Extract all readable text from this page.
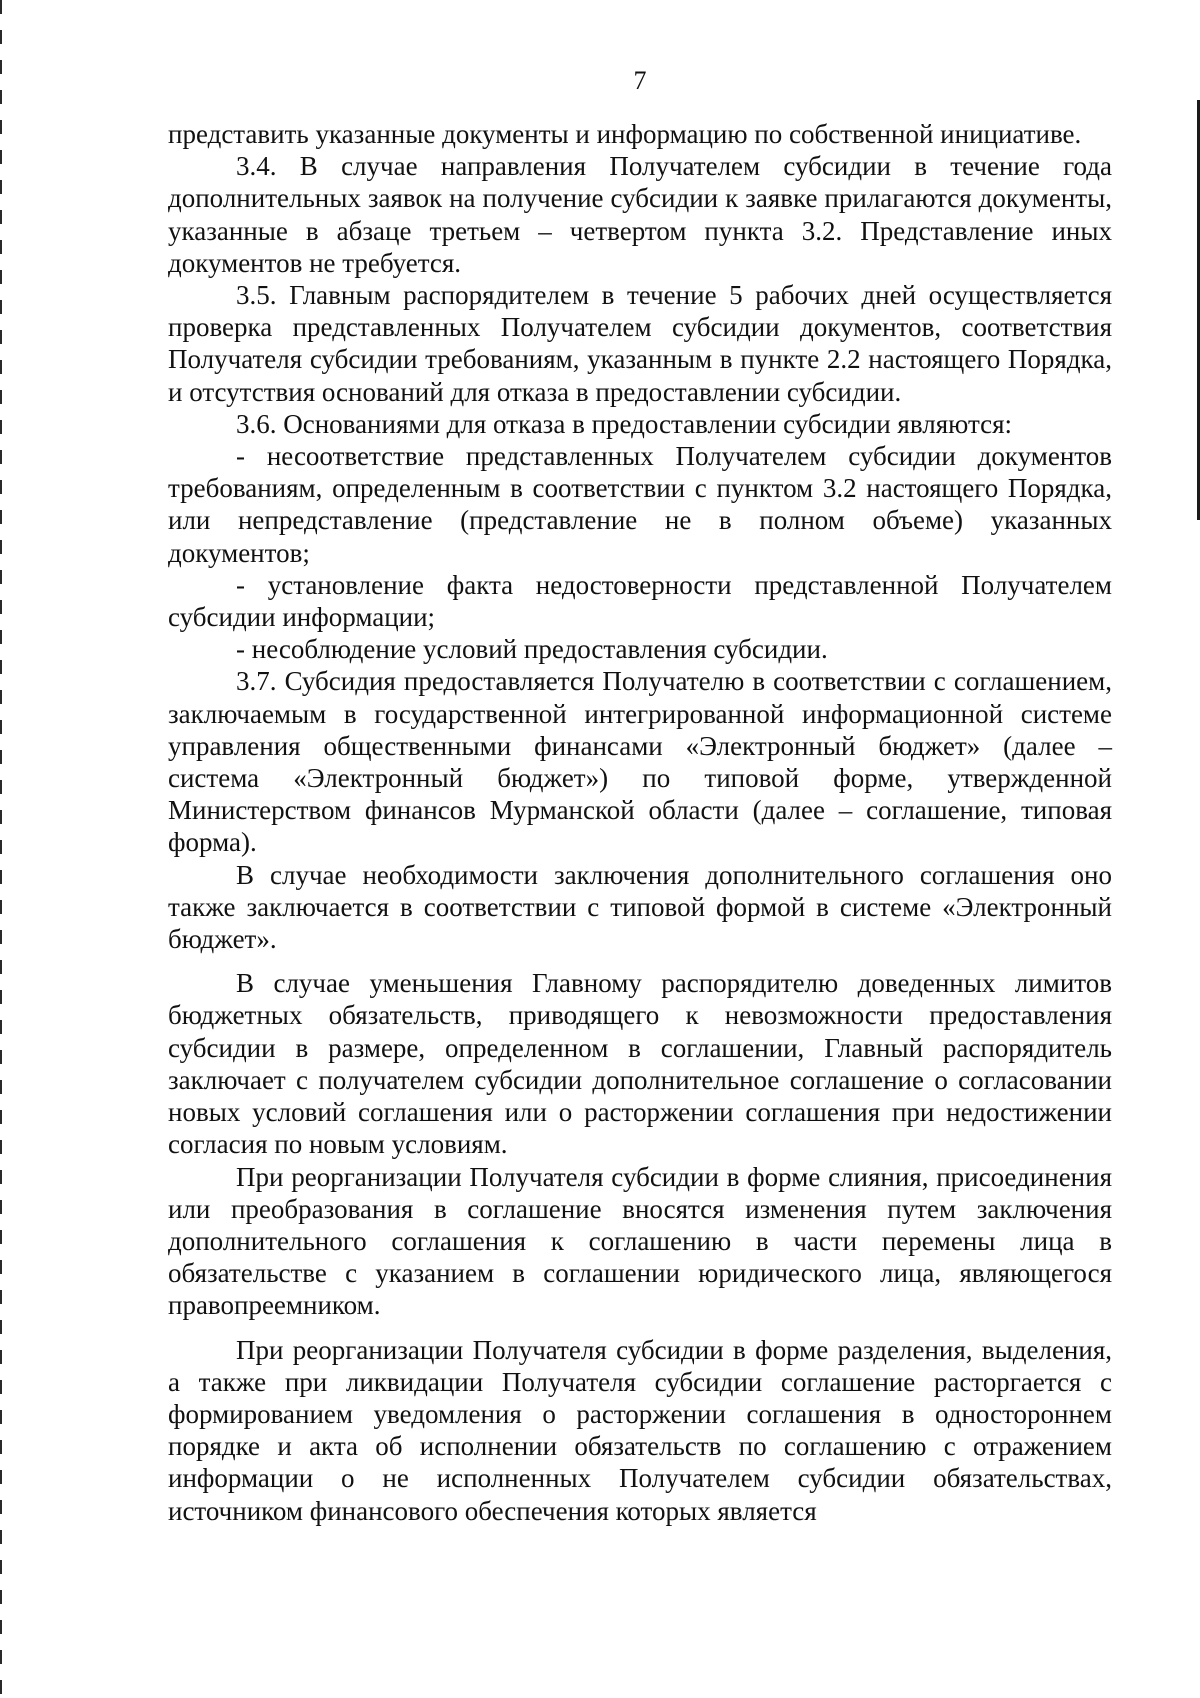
7

представить указанные документы и информацию по собственной инициативе.

3.4. В случае направления Получателем субсидии в течение года дополнительных заявок на получение субсидии к заявке прилагаются документы, указанные в абзаце третьем – четвертом пункта 3.2. Представление иных документов не требуется.

3.5. Главным распорядителем в течение 5 рабочих дней осуществляется проверка представленных Получателем субсидии документов, соответствия Получателя субсидии требованиям, указанным в пункте 2.2 настоящего Порядка, и отсутствия оснований для отказа в предоставлении субсидии.

3.6. Основаниями для отказа в предоставлении субсидии являются:

- несоответствие представленных Получателем субсидии документов требованиям, определенным в соответствии с пунктом 3.2 настоящего Порядка, или непредставление (представление не в полном объеме) указанных документов;

- установление факта недостоверности представленной Получателем субсидии информации;

- несоблюдение условий предоставления субсидии.

3.7. Субсидия предоставляется Получателю в соответствии с соглашением, заключаемым в государственной интегрированной информационной системе управления общественными финансами «Электронный бюджет» (далее – система «Электронный бюджет») по типовой форме, утвержденной Министерством финансов Мурманской области (далее – соглашение, типовая форма).

В случае необходимости заключения дополнительного соглашения оно также заключается в соответствии с типовой формой в системе «Электронный бюджет».

В случае уменьшения Главному распорядителю доведенных лимитов бюджетных обязательств, приводящего к невозможности предоставления субсидии в размере, определенном в соглашении, Главный распорядитель заключает с получателем субсидии дополнительное соглашение о согласовании новых условий соглашения или о расторжении соглашения при недостижении согласия по новым условиям.

При реорганизации Получателя субсидии в форме слияния, присоединения или преобразования в соглашение вносятся изменения путем заключения дополнительного соглашения к соглашению в части перемены лица в обязательстве с указанием в соглашении юридического лица, являющегося правопреемником.

При реорганизации Получателя субсидии в форме разделения, выделения, а также при ликвидации Получателя субсидии соглашение расторгается с формированием уведомления о расторжении соглашения в одностороннем порядке и акта об исполнении обязательств по соглашению с отражением информации о не исполненных Получателем субсидии обязательствах, источником финансового обеспечения которых является
